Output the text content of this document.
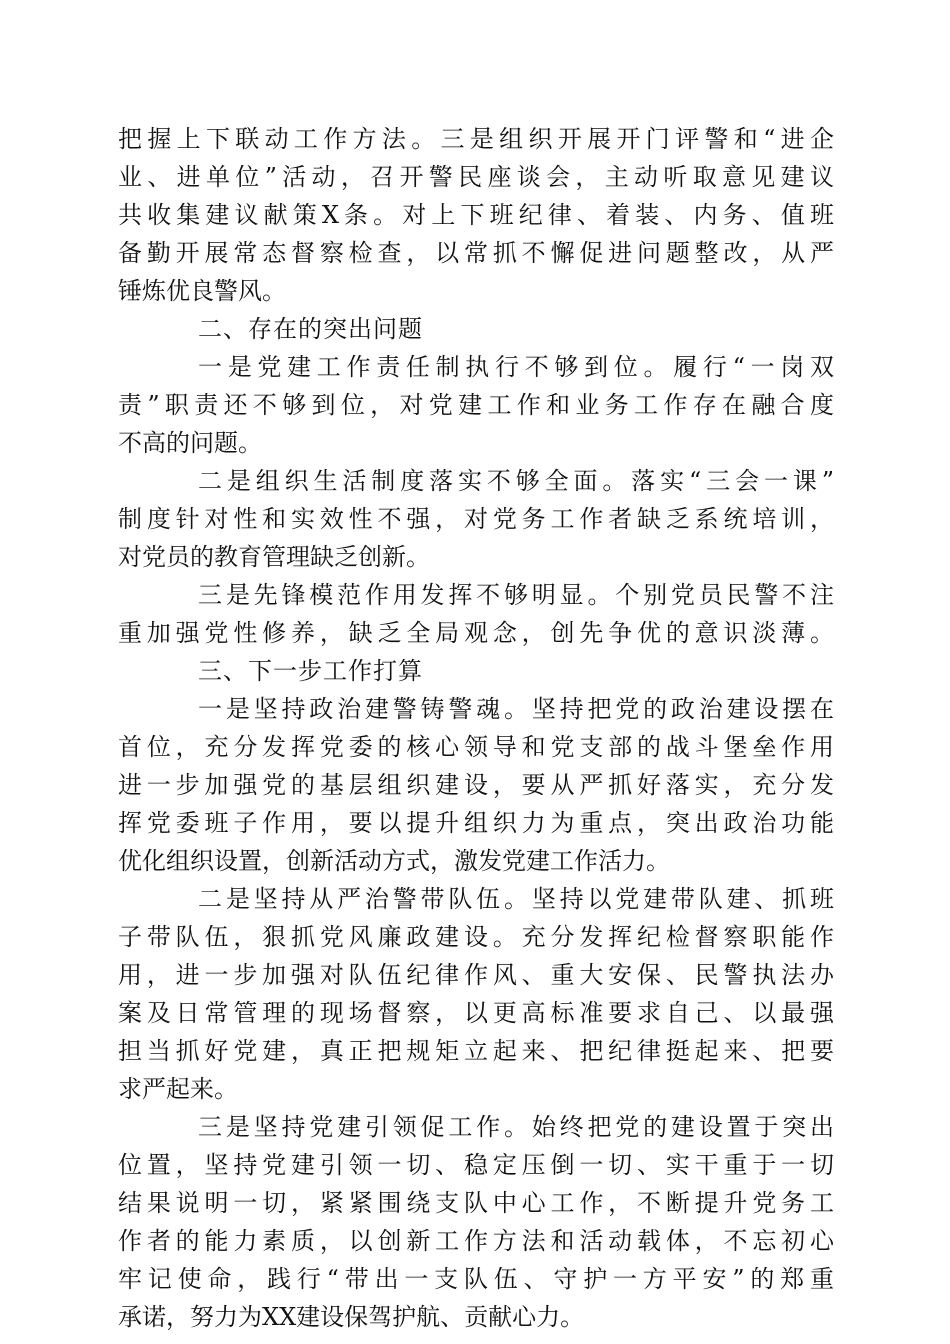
把握上下联动工作方法。三是组织开展开门评警和“进企
业、进单位”活动，召开警民座谈会，主动听取意见建议
共收集建议献策X条。对上下班纪律、着装、内务、值班
备勤开展常态督察检查，以常抓不懈促进问题整改，从严
锤炼优良警风。
二、存在的突出问题
一是党建工作责任制执行不够到位。履行“一岗双
责”职责还不够到位，对党建工作和业务工作存在融合度
不高的问题。
二是组织生活制度落实不够全面。落实“三会一课”
制度针对性和实效性不强，对党务工作者缺乏系统培训，
对党员的教育管理缺乏创新。
三是先锋模范作用发挥不够明显。个别党员民警不注
重加强党性修养，缺乏全局观念，创先争优的意识淡薄。
三、下一步工作打算
一是坚持政治建警铸警魂。坚持把党的政治建设摆在
首位，充分发挥党委的核心领导和党支部的战斗堡垒作用
进一步加强党的基层组织建设，要从严抓好落实，充分发
挥党委班子作用，要以提升组织力为重点，突出政治功能
优化组织设置，创新活动方式，激发党建工作活力。
二是坚持从严治警带队伍。坚持以党建带队建、抓班
子带队伍，狠抓党风廉政建设。充分发挥纪检督察职能作
用，进一步加强对队伍纪律作风、重大安保、民警执法办
案及日常管理的现场督察，以更高标准要求自己、以最强
担当抓好党建，真正把规矩立起来、把纪律挺起来、把要
求严起来。
三是坚持党建引领促工作。始终把党的建设置于突出
位置，坚持党建引领一切、稳定压倒一切、实干重于一切
结果说明一切，紧紧围绕支队中心工作，不断提升党务工
作者的能力素质，以创新工作方法和活动载体，不忘初心
牢记使命，践行“带出一支队伍、守护一方平安”的郑重
承诺，努力为XX建设保驾护航、贡献心力。
